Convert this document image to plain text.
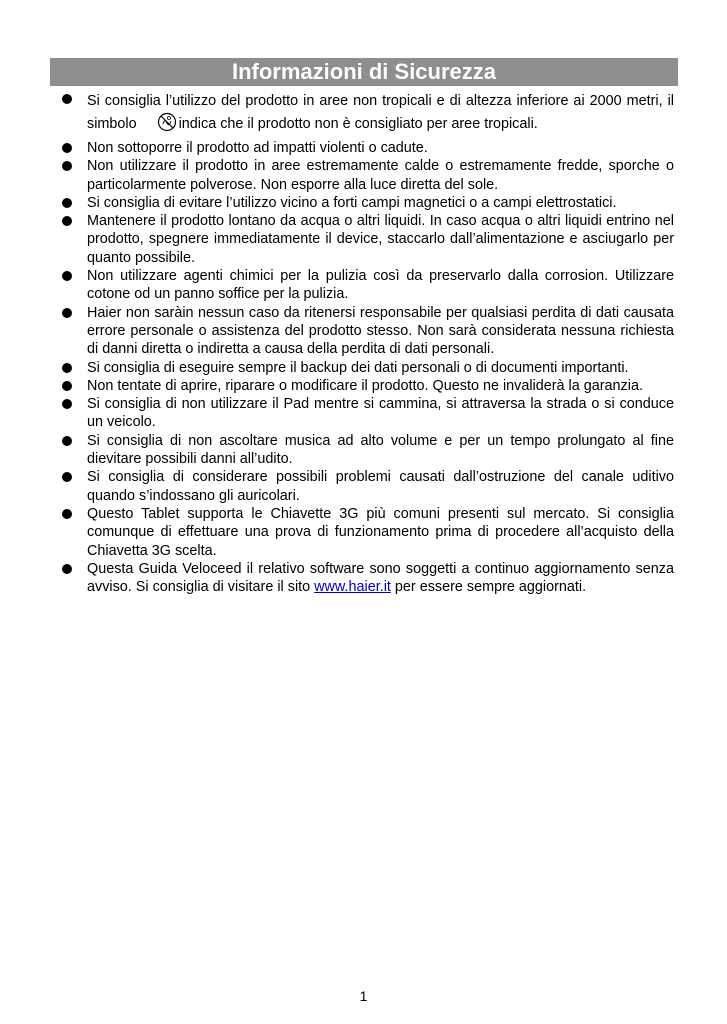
Informazioni di Sicurezza
Si consiglia l’utilizzo del prodotto in aree non tropicali e di altezza inferiore ai 2000 metri, il simbolo	indica che il prodotto non è consigliato per aree tropicali.
Non sottoporre il prodotto ad impatti violenti o cadute.
Non utilizzare il prodotto in aree estremamente calde o estremamente fredde, sporche o particolarmente polverose. Non esporre alla luce diretta del sole.
Si consiglia di evitare l’utilizzo vicino a forti campi magnetici o a campi elettrostatici.
Mantenere il prodotto lontano da acqua o altri liquidi. In caso acqua o altri liquidi entrino nel prodotto, spegnere immediatamente il device, staccarlo dall’alimentazione e asciugarlo per quanto possibile.
Non utilizzare agenti chimici per la pulizia così da preservarlo dalla corrosion. Utilizzare cotone od un panno soffice per la pulizia.
Haier non saràin nessun caso da ritenersi responsabile per qualsiasi perdita di dati causata errore personale o assistenza del prodotto stesso. Non sarà considerata nessuna richiesta di danni diretta o indiretta a causa della perdita di dati personali.
Si consiglia di eseguire sempre il backup dei dati personali o di documenti importanti.
Non tentate di aprire, riparare o modificare il prodotto. Questo ne invaliderà la garanzia.
Si consiglia di non utilizzare il Pad mentre si cammina, si attraversa la strada o si conduce un veicolo.
Si consiglia di non ascoltare musica ad alto volume e per un tempo prolungato al fine dievitare possibili danni all’udito.
Si consiglia di considerare possibili problemi causati dall’ostruzione del canale uditivo quando s’indossano gli auricolari.
Questo Tablet supporta le Chiavette 3G più comuni presenti sul mercato. Si consiglia comunque di effettuare una prova di funzionamento prima di procedere all’acquisto della Chiavetta 3G scelta.
Questa Guida Veloceed il relativo software sono soggetti a continuo aggiornamento senza avviso. Si consiglia di visitare il sito www.haier.it per essere sempre aggiornati.
1
